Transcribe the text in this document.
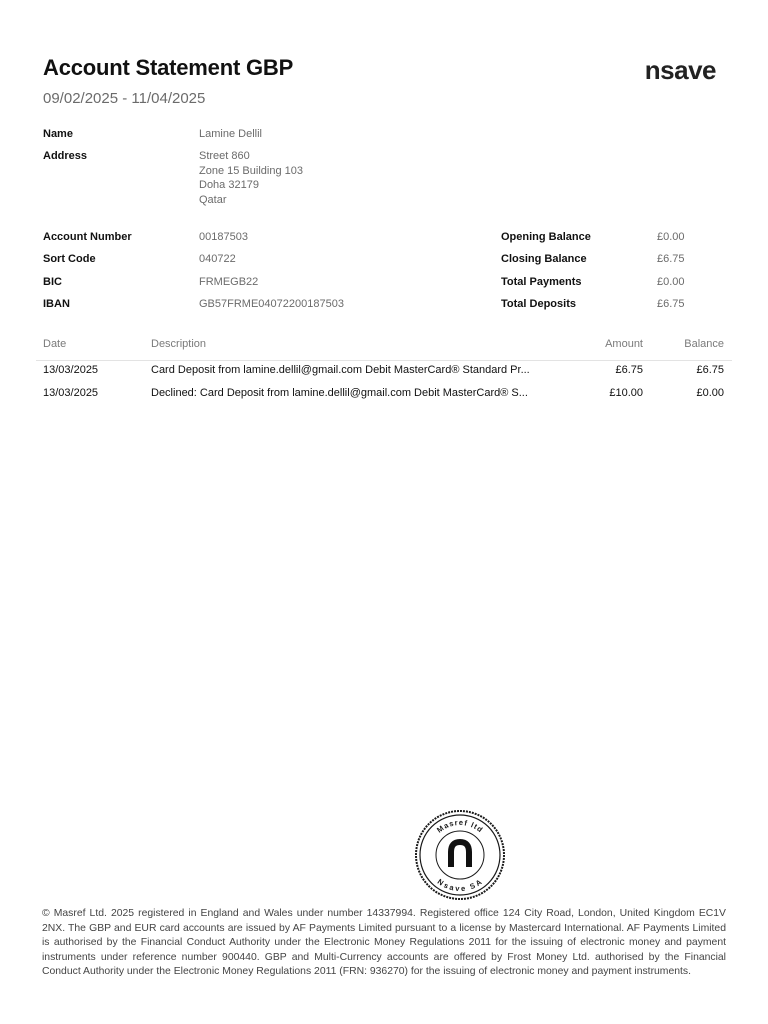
Account Statement GBP
09/02/2025 - 11/04/2025
nsave
Name	Lamine Dellil
Address	Street 860
Zone 15 Building 103
Doha 32179
Qatar
Account Number	00187503
Sort Code	040722
BIC	FRMEGB22
IBAN	GB57FRME04072200187503
Opening Balance	£0.00
Closing Balance	£6.75
Total Payments	£0.00
Total Deposits	£6.75
Date	Description	Amount	Balance
13/03/2025	Card Deposit from lamine.dellil@gmail.com Debit MasterCard® Standard Pr...	£6.75	£6.75
13/03/2025	Declined: Card Deposit from lamine.dellil@gmail.com Debit MasterCard® S...	£10.00	£0.00
Masref ltd
Nsave SA
© Masref Ltd. 2025 registered in England and Wales under number 14337994. Registered office 124 City Road, London, United Kingdom EC1V 2NX. The GBP and EUR card accounts are issued by AF Payments Limited pursuant to a license by Mastercard International. AF Payments Limited is authorised by the Financial Conduct Authority under the Electronic Money Regulations 2011 for the issuing of electronic money and payment instruments under reference number 900440. GBP and Multi-Currency accounts are offered by Frost Money Ltd. authorised by the Financial Conduct Authority under the Electronic Money Regulations 2011 (FRN: 936270) for the issuing of electronic money and payment instruments.
